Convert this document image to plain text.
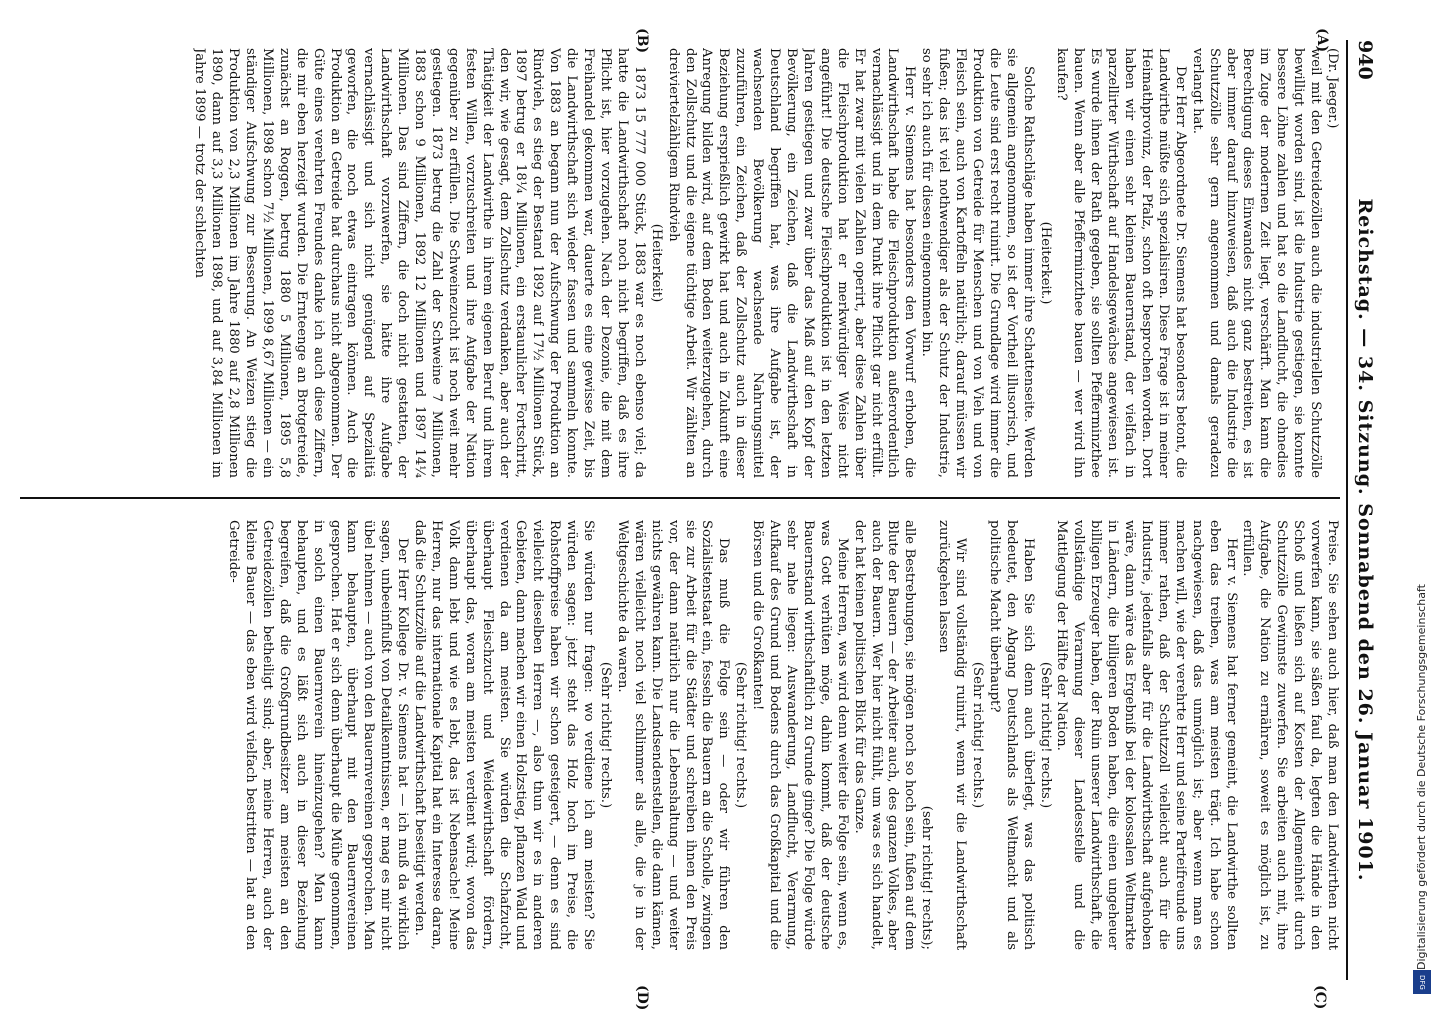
940
Reichstag. — 34. Sitzung. Sonnabend den 26. Januar 1901.
(A)
(B)
(C)
(D)

(Dr. Jaeger.)

weil mit den Getreidezöllen auch die industriellen Schutzzölle bewilligt worden sind, ist die Industrie gestiegen, sie konnte bessere Löhne zahlen und hat so die Landflucht, die ohnedies im Zuge der modernen Zeit liegt, verschärft. Man kann die Berechtigung dieses Einwandes nicht ganz bestreiten, es ist aber immer darauf hinzuweisen, daß auch die Industrie die Schutzzölle sehr gern angenommen und damals geradezu verlangt hat.

Der Herr Abgeordnete Dr. Siemens hat besonders betont, die Landwirthe müßte sich spezialisiren. Diese Frage ist in meiner Heimathprovinz, der Pfalz, schon oft besprochen worden. Dort haben wir einen sehr kleinen Bauernstand, der vielfach in parzellirter Wirthschaft auf Handelsgewächse angewiesen ist. Es wurde ihnen der Rath gegeben, sie sollten Pfefferminzthee bauen. Wenn aber alle Pfefferminzthee bauen — wer wird ihn kaufen?

(Heiterkeit.)

Solche Rathschläge haben immer ihre Schattenseite. Werden sie allgemein angenommen, so ist der Vortheil illusorisch, und die Leute sind erst recht ruinirt. Die Grundlage wird immer die Produktion von Getreide für Menschen und von Vieh und von Fleisch sein, auch von Kartoffeln natürlich; darauf müssen wir fußen; das ist viel nothwendiger als der Schutz der Industrie, so sehr ich auch für diesen eingenommen bin.

Herr v. Siemens hat besonders den Vorwurf erhoben, die Landwirthschaft habe die Fleischproduktion außerordentlich vernachlässigt und in dem Punkt ihre Pflicht gar nicht erfüllt. Er hat zwar mit vielen Zahlen operirt, aber diese Zahlen über die Fleischproduktion hat er merkwürdiger Weise nicht angeführt! Die deutsche Fleischproduktion ist in den letzten Jahren gestiegen und zwar über das Maß auf den Kopf der Bevölkerung, ein Zeichen, daß die Landwirthschaft in Deutschland begriffen hat, was ihre Aufgabe ist, der wachsenden Bevölkerung wachsende Nahrungsmittel zuzuführen, ein Zeichen, daß der Zollschutz auch in dieser Beziehung ersprießlich gewirkt hat und auch in Zukunft eine Anregung bilden wird, auf dem Boden weiterzugehen, durch den Zollschutz und die eigene tüchtige Arbeit. Wir zählten an dreiviertelzähligem Rindvieh

(Heiterkeit)

1873 15 777 000 Stück, 1883 war es noch ebenso viel; da hatte die Landwirthschaft noch nicht begriffen, daß es ihre Pflicht ist, hier vorzugehen. Nach der Dezonie, die mit dem Freihandel gekommen war, dauerte es eine gewisse Zeit, bis die Landwirthschaft sich wieder fassen und sammeln konnte. Von 1883 an begann nun der Aufschwung der Produktion an Rindvieh, es stieg der Bestand 1892 auf 17½ Millionen Stück, 1897 betrug er 18¼ Millionen, ein erstaunlicher Fortschritt, den wir, wie gesagt, dem Zollschutz verdanken, aber auch der Thätigkeit der Landwirthe in ihrem eigenen Beruf und ihrem festen Willen, vorzuschreiten und ihre Aufgabe der Nation gegenüber zu erfüllen. Die Schweinezucht ist noch weit mehr gestiegen. 1873 betrug die Zahl der Schweine 7 Millionen, 1883 schon 9 Millionen, 1892 12 Millionen und 1897 14¼ Millionen. Das sind Ziffern, die doch nicht gestatten, der Landwirthschaft vorzuwerfen, sie hätte ihre Aufgabe vernachlässigt und sich nicht genügend auf Spezialitä geworfen, die noch etwas eintragen können. Auch die Produktion an Getreide hat durchaus nicht abgenommen. Der Güte eines verehrten Freundes danke ich auch diese Ziffern, die mir eben herzeigt wurden. Die Ernteenge an Brotgetreide, zunächst an Roggen, betrug 1880 5 Millionen, 1895 5,8 Millionen, 1898 schon 7½ Millionen, 1899 8,67 Millionen — ein ständiger Aufschwung zur Besserung. An Weizen stieg die Produktion von 2,3 Millionen im Jahre 1880 auf 2,8 Millionen 1890, dann auf 3,3 Millionen 1898, und auf 3,84 Millionen im Jahre 1899 — trotz der schlechten

Preise. Sie sehen auch hier, daß man den Landwirthen nicht vorwerfen kann, sie säßen faul da, legten die Hände in den Schoß und ließen sich auf Kosten der Allgemeinheit durch Schutzzölle Gewinnste zuwerfen. Sie arbeiten auch mit, ihre Aufgabe, die Nation zu ernähren, soweit es möglich ist, zu erfüllen.

Herr v. Siemens hat ferner gemeint, die Landwirthe sollten eben das treiben, was am meisten trägt. Ich habe schon nachgewiesen, daß das unmöglich ist; aber wenn man es machen will, wie der verehrte Herr und seine Parteifreunde uns immer rathen, daß der Schutzzoll vielleicht auch für die Industrie, jedenfalls aber für die Landwirthschaft aufgehoben wäre, dann wäre das Ergebniß bei der kolossalen Weltmarkte in Ländern, die billigeren Boden haben, die einen ungeheuer billigen Erzeuger haben, der Ruin unserer Landwirthschaft, die vollständige Verarmung dieser Landesstelle und die Mattlegung der Hälfte der Nation.

(Sehr richtig! rechts.)

Haben Sie sich denn auch überlegt, was das politisch bedeutet, den Abgang Deutschlands als Weltmacht und als politische Macht überhaupt?

(Sehr richtig! rechts.)

Wir sind vollständig ruinirt, wenn wir die Landwirthschaft zurückgehen lassen

(sehr richtig! rechts);

alle Bestrebungen, sie mögen noch so hoch sein, fußen auf dem Blute der Bauern — der Arbeiter auch, des ganzen Volkes, aber auch der Bauern. Wer hier nicht fühlt, um was es sich handelt, der hat keinen politischen Blick für das Ganze.

Meine Herren, was wird denn weiter die Folge sein, wenn es, was Gott verhüten möge, dahin kommt, daß der deutsche Bauernstand wirthschaftlich zu Grunde ginge? Die Folge würde sehr nahe liegen: Auswanderung, Landflucht, Verarmung, Aufkauf des Grund und Bodens durch das Großkapital und die Börsen und die Großkanten!

(Sehr richtig! rechts.)

Das muß die Folge sein — oder wir führen den Sozialistenstaat ein, fesseln die Bauern an die Scholle, zwingen sie zur Arbeit für die Städter und schreiben ihnen den Preis vor, der dann natürlich nur die Lebenshaltung — und weiter nichts gewähren kann. Die Landsendenstellen, die dann kämen, wären vielleicht noch viel schlimmer als alle, die je in der Weltgeschichte da waren.

(Sehr richtig! rechts.)

Sie würden nur fragen: wo verdiene ich am meisten? Sie würden sagen: jetzt steht das Holz hoch im Preise, die Rohstoffpreise haben wir schon gesteigert, — denn es sind vielleicht dieselben Herren —, also thun wir es in anderen Gebieten, dann machen wir einen Holzstieg, pflanzen Wald und verdienen da am meisten. Sie würden die Schafzucht, überhaupt Fleischzucht und Weidewirthschaft fördern, überhaupt das, woran am meisten verdient wird; wovon das Volk dann lebt und wie es lebt, das ist Nebensache! Meine Herren, nur das internationale Kapital hat ein Interesse daran, daß die Schutzzölle auf die Landwirthschaft beseitigt werden.

Der Herr Kollege Dr. v. Siemens hat — ich muß da wirklich sagen, unbeeinflußt von Detailkenntnissen, er mag es mir nicht übel nehmen — auch von den Bauernvereinen gesprochen. Man kann behaupten, überhaupt mit den Bauernvereinen gesprochen. Hat er sich denn überhaupt die Mühe genommen, in solch einen Bauernverein hineinzugehen? Man kann behaupten, und es läßt sich auch in dieser Beziehung begreifen, daß die Großgrundbesitzer am meisten an den Getreidezöllen betheiligt sind; aber, meine Herren, auch der kleine Bauer — das eben wird vielfach bestritten — hat an den Getreide-

Digitalisierung gefördert durch die Deutsche Forschungsgemeinschaft
DFG
